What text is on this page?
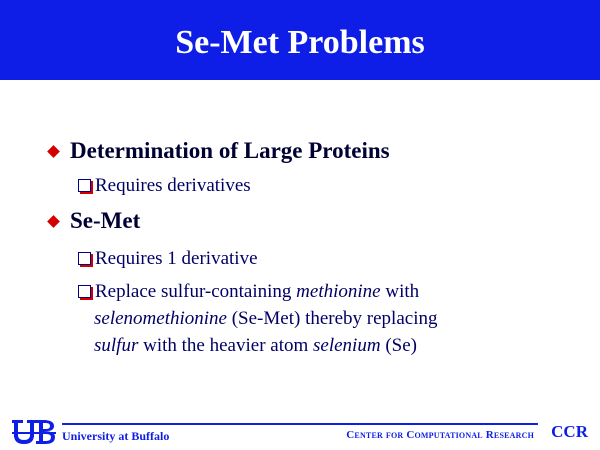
Se-Met Problems
Determination of Large Proteins
Requires derivatives
Se-Met
Requires 1 derivative
Replace sulfur-containing methionine with
selenomethionine (Se-Met) thereby replacing
sulfur with the heavier atom selenium (Se)
University at Buffalo	Center for Computational Research CCR
